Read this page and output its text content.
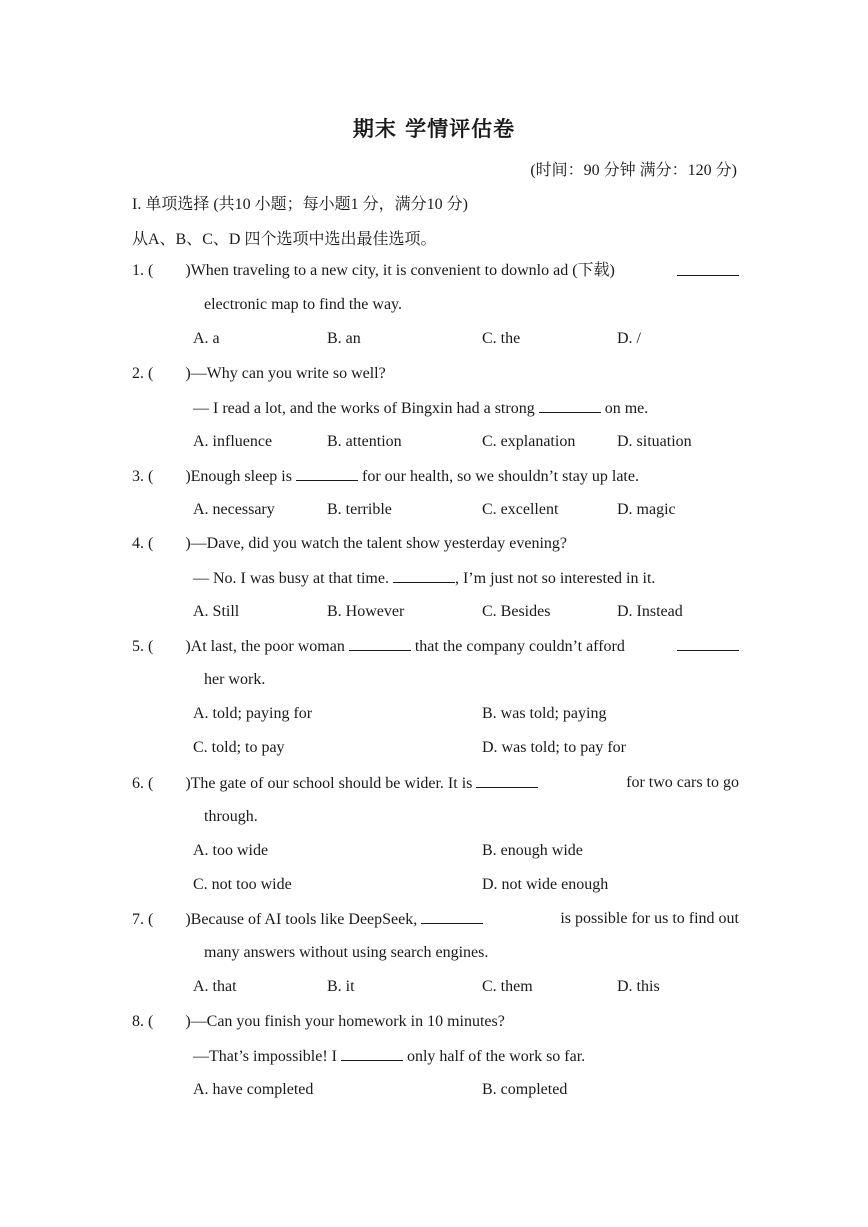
期末 学情评估卷
(时间：90 分钟 满分：120 分)
I. 单项选择 (共10 小题；每小题1 分，满分10 分)
从A、B、C、D 四个选项中选出最佳选项。
1. (        )When traveling to a new city, it is convenient to downlo ad (下载)
electronic map to find the way.
A. a	B. an	C. the	D. /
2. (        )—Why can you write so well?
— I read a lot, and the works of Bingxin had a strong	on me.
A. influence	B. attention	C. explanation	D. situation
3. (        )Enough sleep is	for our health, so we shouldn’t stay up late.
A. necessary	B. terrible	C. excellent	D. magic
4. (        )—Dave, did you watch the talent show yesterday evening?
— No. I was busy at that time.	, I’m just not so interested in it.
A. Still	B. However	C. Besides	D. Instead
5. (        )At last, the poor woman	that the company couldn’t afford
her work.
A. told; paying for	B. was told; paying
C. told; to pay	D. was told; to pay for
6. (        )The gate of our school should be wider. It is	for two cars to go
through.
A. too wide	B. enough wide
C. not too wide	D. not wide enough
7. (        )Because of AI tools like DeepSeek,	is possible for us to find out
many answers without using search engines.
A. that	B. it	C. them	D. this
8. (        )—Can you finish your homework in 10 minutes?
—That’s impossible! I	only half of the work so far.
A. have completed	B. completed
